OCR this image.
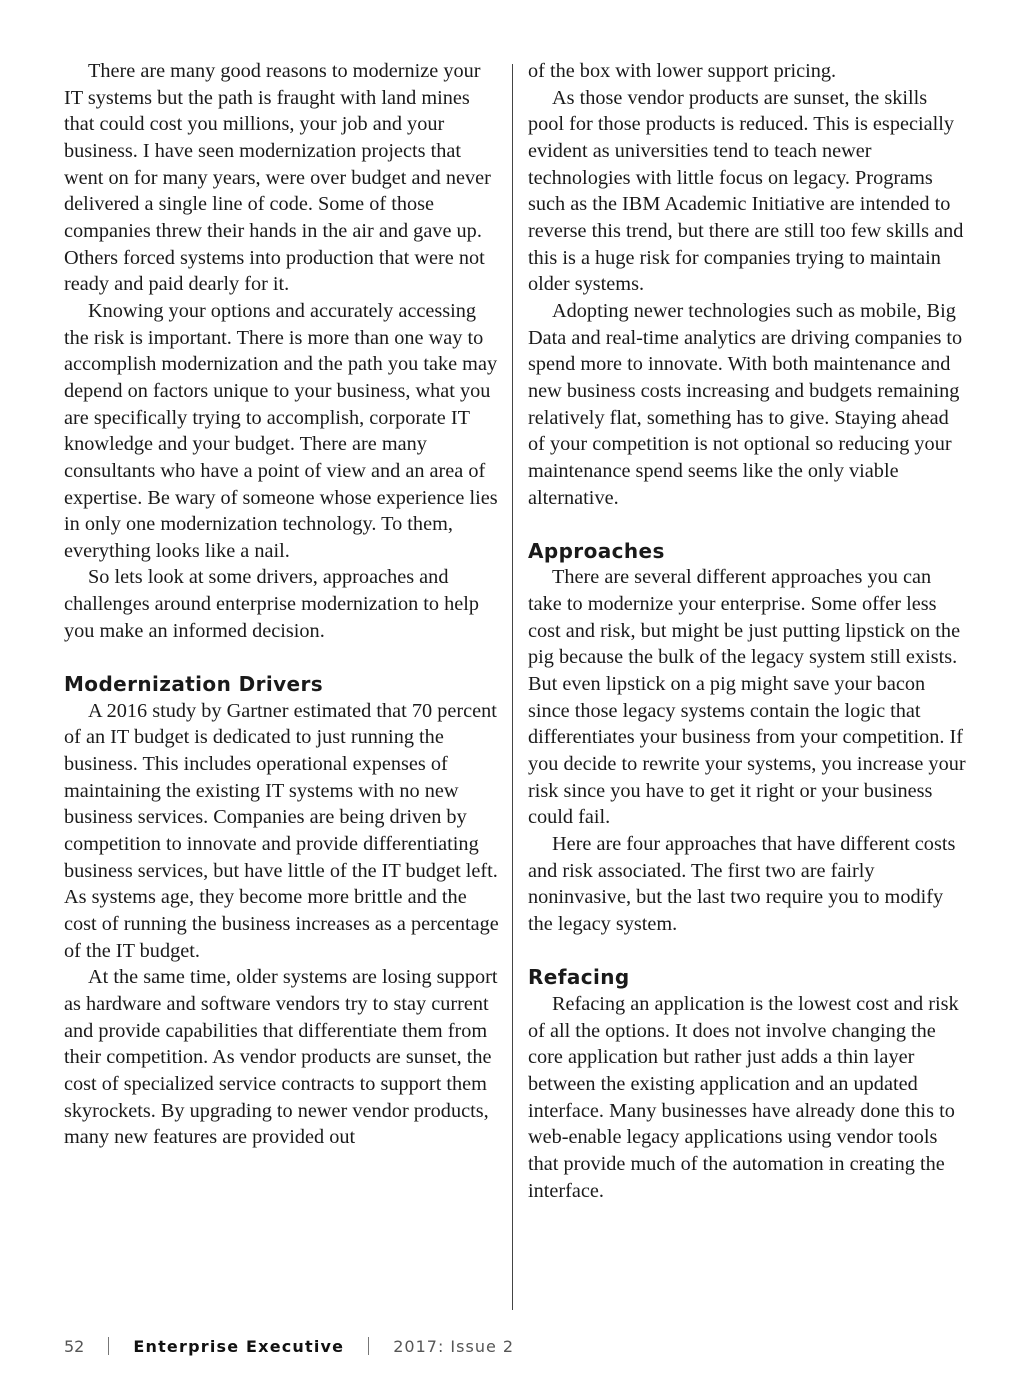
There are many good reasons to modernize your IT systems but the path is fraught with land mines that could cost you millions, your job and your business. I have seen modernization projects that went on for many years, were over budget and never delivered a single line of code. Some of those companies threw their hands in the air and gave up. Others forced systems into production that were not ready and paid dearly for it.

Knowing your options and accurately accessing the risk is important. There is more than one way to accomplish modernization and the path you take may depend on factors unique to your business, what you are specifically trying to accomplish, corporate IT knowledge and your budget. There are many consultants who have a point of view and an area of expertise. Be wary of someone whose experience lies in only one modernization technology. To them, everything looks like a nail.

So lets look at some drivers, approaches and challenges around enterprise modernization to help you make an informed decision.

Modernization Drivers

A 2016 study by Gartner estimated that 70 percent of an IT budget is dedicated to just running the business. This includes operational expenses of maintaining the existing IT systems with no new business services. Companies are being driven by competition to innovate and provide differentiating business services, but have little of the IT budget left. As systems age, they become more brittle and the cost of running the business increases as a percentage of the IT budget.

At the same time, older systems are losing support as hardware and software vendors try to stay current and provide capabilities that differentiate them from their competition. As vendor products are sunset, the cost of specialized service contracts to support them skyrockets. By upgrading to newer vendor products, many new features are provided out

of the box with lower support pricing.

As those vendor products are sunset, the skills pool for those products is reduced. This is especially evident as universities tend to teach newer technologies with little focus on legacy. Programs such as the IBM Academic Initiative are intended to reverse this trend, but there are still too few skills and this is a huge risk for companies trying to maintain older systems.

Adopting newer technologies such as mobile, Big Data and real-time analytics are driving companies to spend more to innovate. With both maintenance and new business costs increasing and budgets remaining relatively flat, something has to give. Staying ahead of your competition is not optional so reducing your maintenance spend seems like the only viable alternative.

Approaches

There are several different approaches you can take to modernize your enterprise. Some offer less cost and risk, but might be just putting lipstick on the pig because the bulk of the legacy system still exists. But even lipstick on a pig might save your bacon since those legacy systems contain the logic that differentiates your business from your competition. If you decide to rewrite your systems, you increase your risk since you have to get it right or your business could fail.

Here are four approaches that have different costs and risk associated. The first two are fairly noninvasive, but the last two require you to modify the legacy system.

Refacing

Refacing an application is the lowest cost and risk of all the options. It does not involve changing the core application but rather just adds a thin layer between the existing application and an updated interface. Many businesses have already done this to web-enable legacy applications using vendor tools that provide much of the automation in creating the interface.

52	Enterprise Executive	2017: Issue 2
